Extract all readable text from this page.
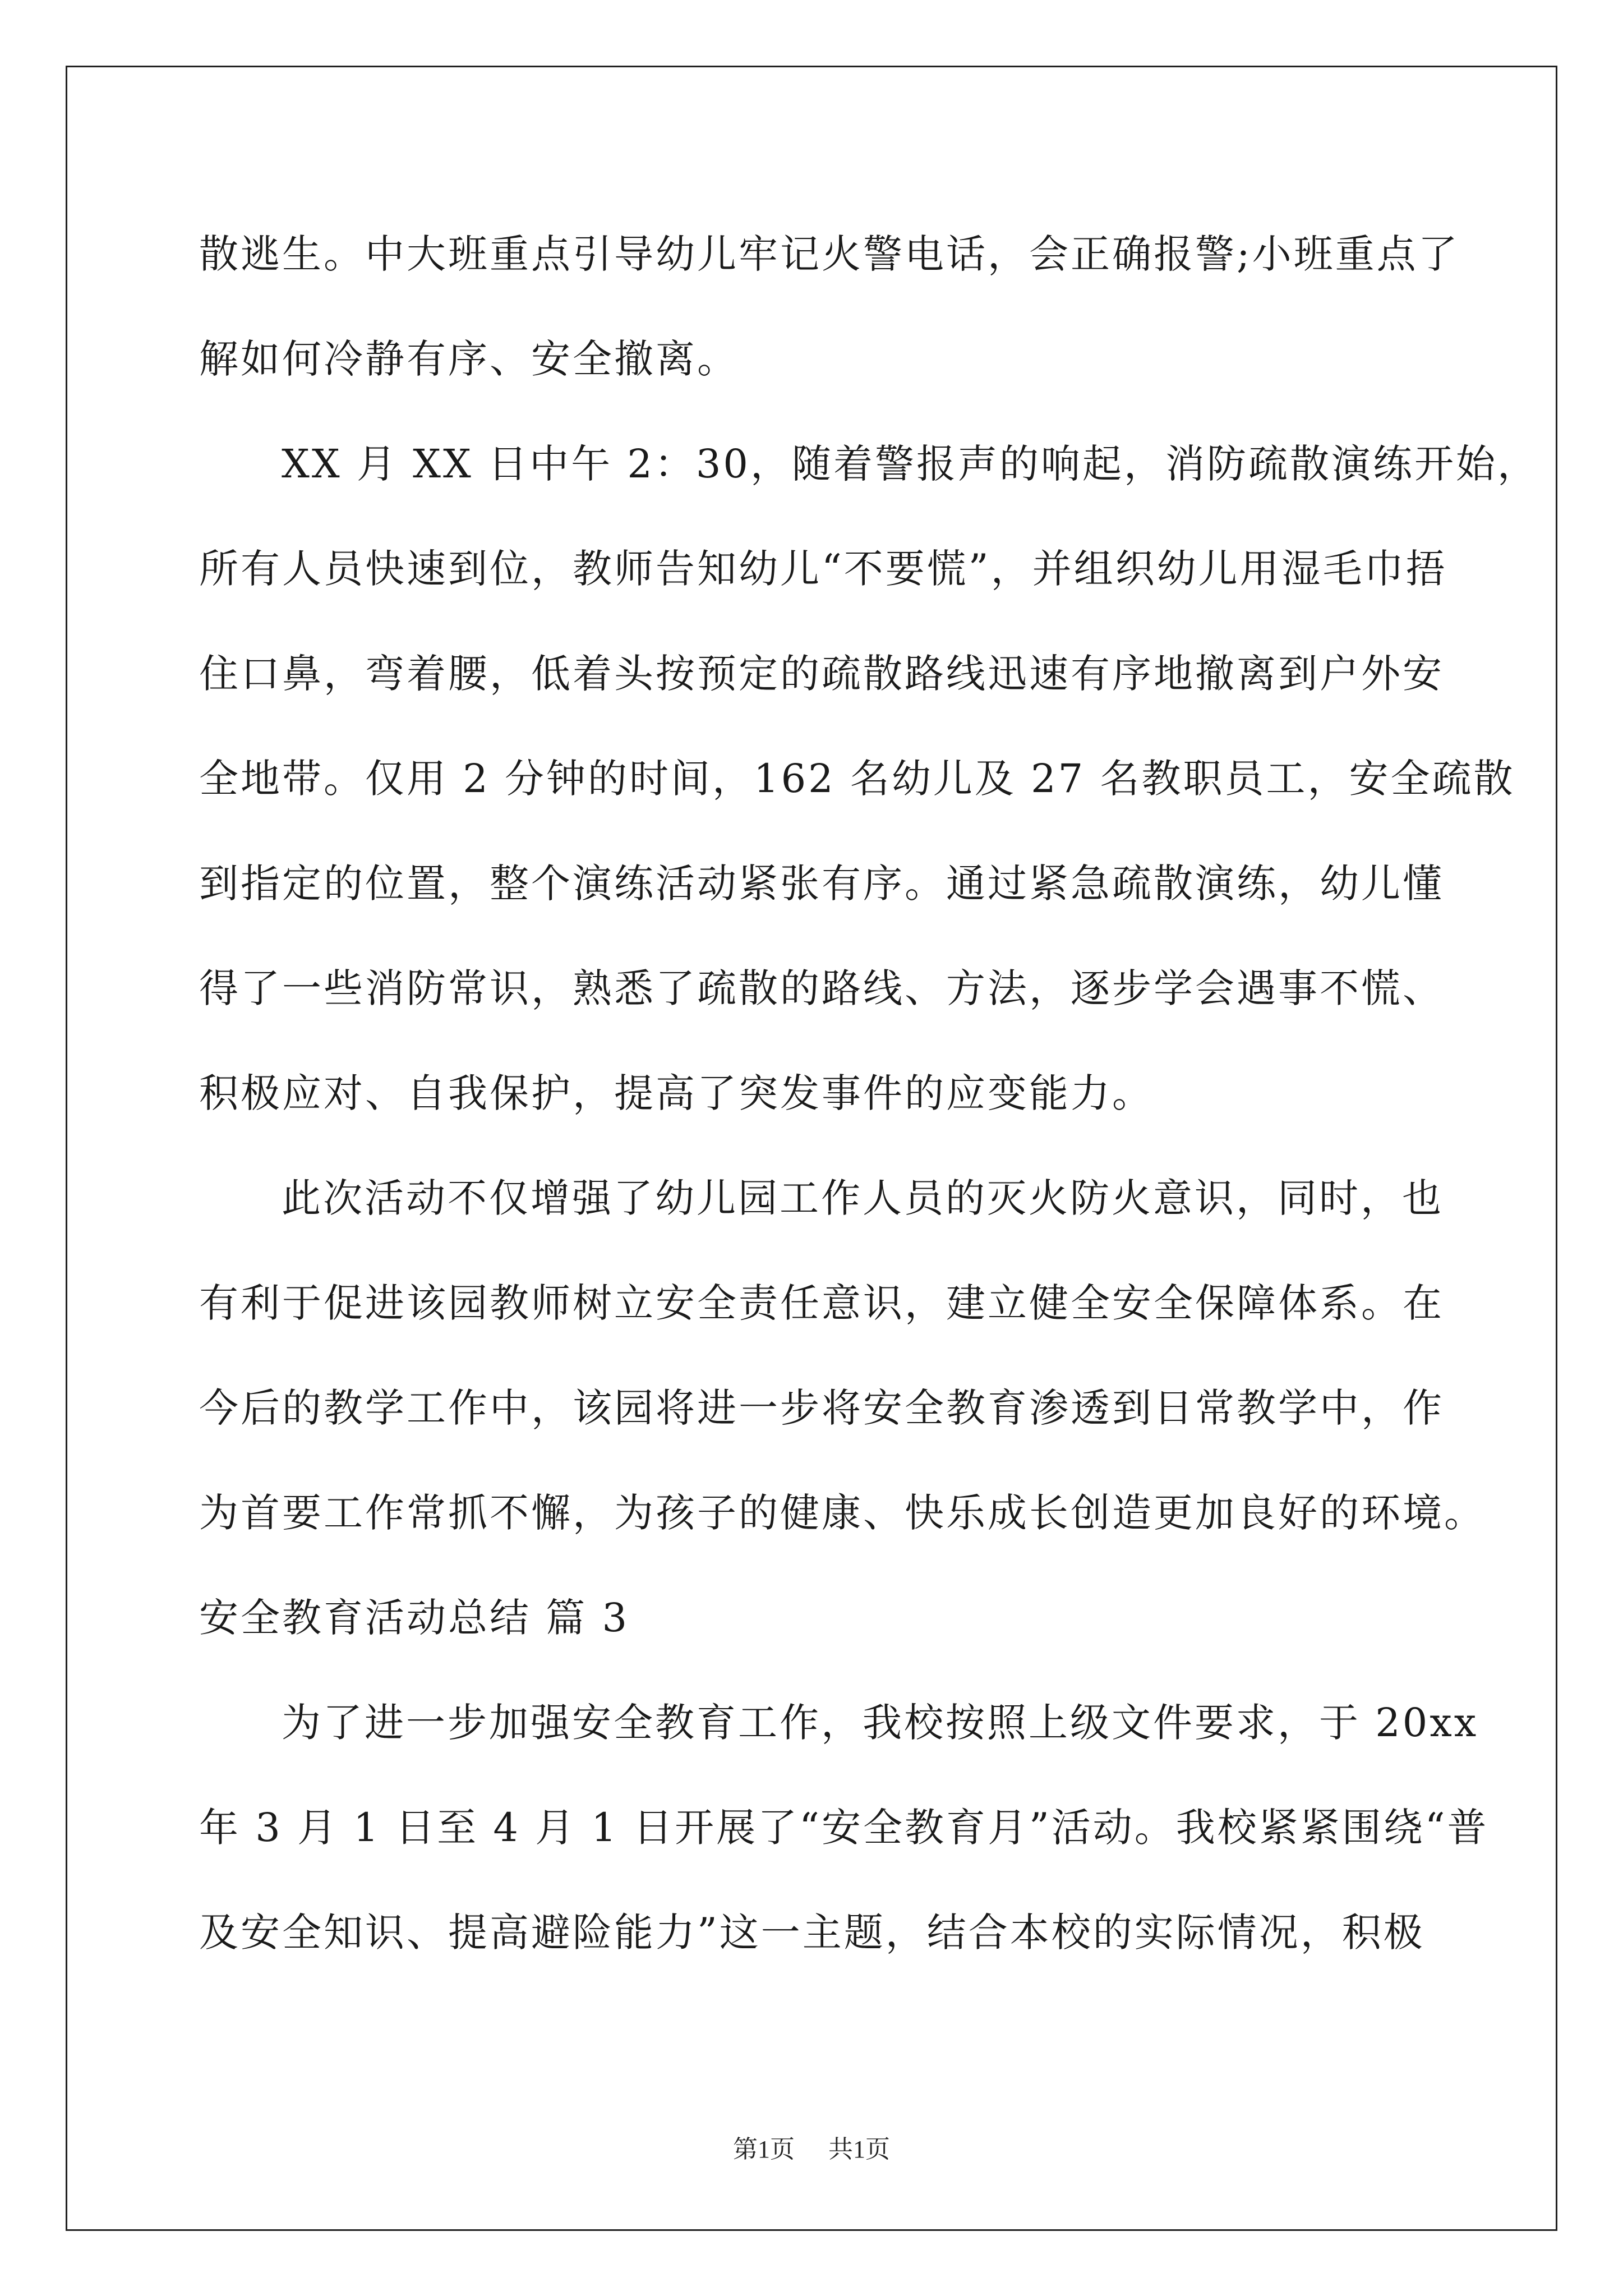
散逃生。中大班重点引导幼儿牢记火警电话，会正确报警;小班重点了
解如何冷静有序、安全撤离。
XX 月 XX 日中午 2：30，随着警报声的响起，消防疏散演练开始，
所有人员快速到位，教师告知幼儿“不要慌”，并组织幼儿用湿毛巾捂
住口鼻，弯着腰，低着头按预定的疏散路线迅速有序地撤离到户外安
全地带。仅用 2 分钟的时间，162 名幼儿及 27 名教职员工，安全疏散
到指定的位置，整个演练活动紧张有序。通过紧急疏散演练，幼儿懂
得了一些消防常识，熟悉了疏散的路线、方法，逐步学会遇事不慌、
积极应对、自我保护，提高了突发事件的应变能力。
此次活动不仅增强了幼儿园工作人员的灭火防火意识，同时，也
有利于促进该园教师树立安全责任意识，建立健全安全保障体系。在
今后的教学工作中，该园将进一步将安全教育渗透到日常教学中，作
为首要工作常抓不懈，为孩子的健康、快乐成长创造更加良好的环境。
安全教育活动总结 篇 3
为了进一步加强安全教育工作，我校按照上级文件要求，于 20xx
年 3 月 1 日至 4 月 1 日开展了“安全教育月”活动。我校紧紧围绕“普
及安全知识、提高避险能力”这一主题，结合本校的实际情况，积极
第1页 共1页
